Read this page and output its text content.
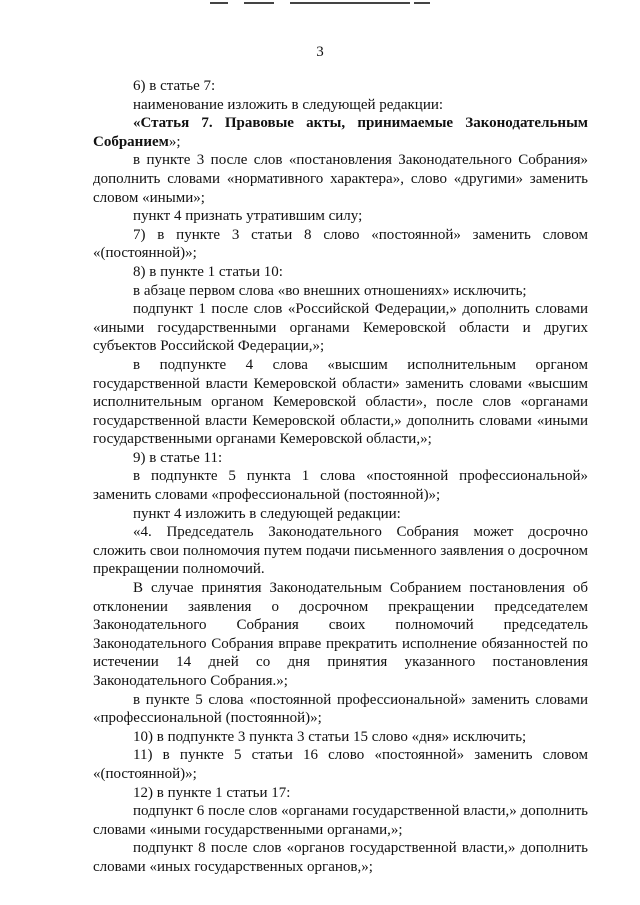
3

6) в статье 7:

наименование изложить в следующей редакции:

«Статья 7. Правовые акты, принимаемые Законодательным Собранием»;

в пункте 3 после слов «постановления Законодательного Собрания» дополнить словами «нормативного характера», слово «другими» заменить словом «иными»;

пункт 4 признать утратившим силу;

7) в пункте 3 статьи 8 слово «постоянной» заменить словом «(постоянной)»;

8) в пункте 1 статьи 10:

в абзаце первом слова «во внешних отношениях» исключить;

подпункт 1 после слов «Российской Федерации,» дополнить словами «иными государственными органами Кемеровской области и других субъектов Российской Федерации,»;

в подпункте 4 слова «высшим исполнительным органом государственной власти Кемеровской области» заменить словами «высшим исполнительным органом Кемеровской области», после слов «органами государственной власти Кемеровской области,» дополнить словами «иными государственными органами Кемеровской области,»;

9) в статье 11:

в подпункте 5 пункта 1 слова «постоянной профессиональной» заменить словами «профессиональной (постоянной)»;

пункт 4 изложить в следующей редакции:

«4. Председатель Законодательного Собрания может досрочно сложить свои полномочия путем подачи письменного заявления о досрочном прекращении полномочий.

В случае принятия Законодательным Собранием постановления об отклонении заявления о досрочном прекращении председателем Законодательного Собрания своих полномочий председатель Законодательного Собрания вправе прекратить исполнение обязанностей по истечении 14 дней со дня принятия указанного постановления Законодательного Собрания.»;

в пункте 5 слова «постоянной профессиональной» заменить словами «профессиональной (постоянной)»;

10) в подпункте 3 пункта 3 статьи 15 слово «дня» исключить;

11) в пункте 5 статьи 16 слово «постоянной» заменить словом «(постоянной)»;

12) в пункте 1 статьи 17:

подпункт 6 после слов «органами государственной власти,» дополнить словами «иными государственными органами,»;

подпункт 8 после слов «органов государственной власти,» дополнить словами «иных государственных органов,»;
